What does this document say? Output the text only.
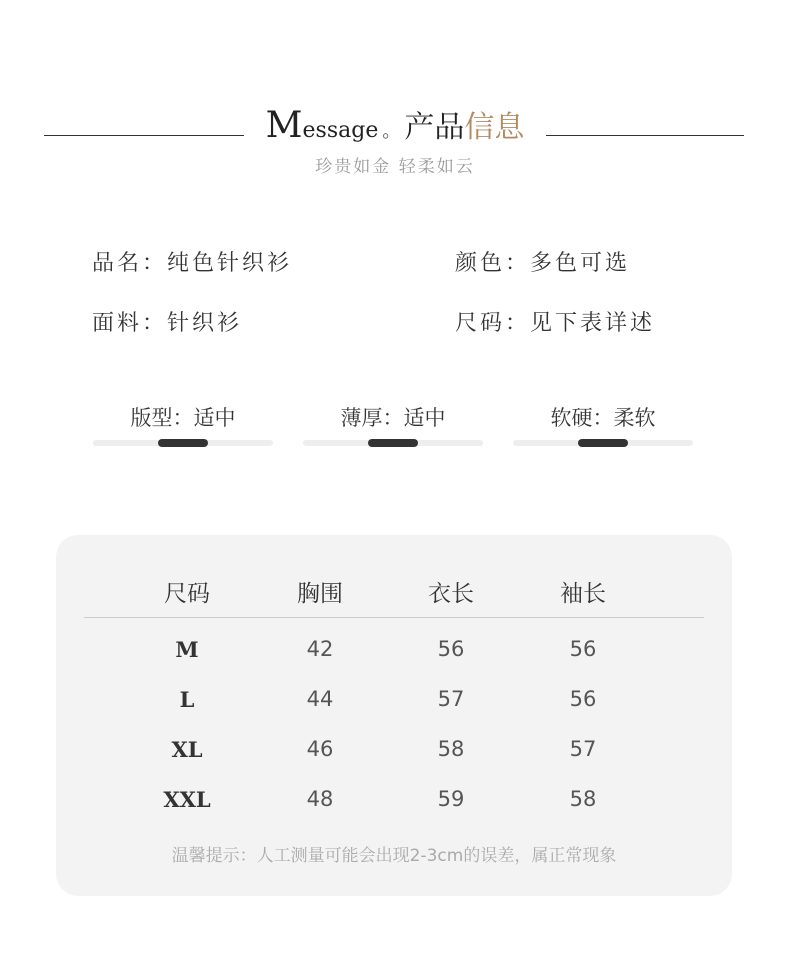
Message 。 产品信息
珍贵如金 轻柔如云
品名：纯色针织衫	颜色：多色可选
面料：针织衫	尺码：见下表详述
版型：适中	薄厚：适中	软硬：柔软
尺码	胸围	衣长	袖长
M	42	56	56
L	44	57	56
XL	46	58	57
XXL	48	59	58
温馨提示：人工测量可能会出现2-3cm的误差，属正常现象
